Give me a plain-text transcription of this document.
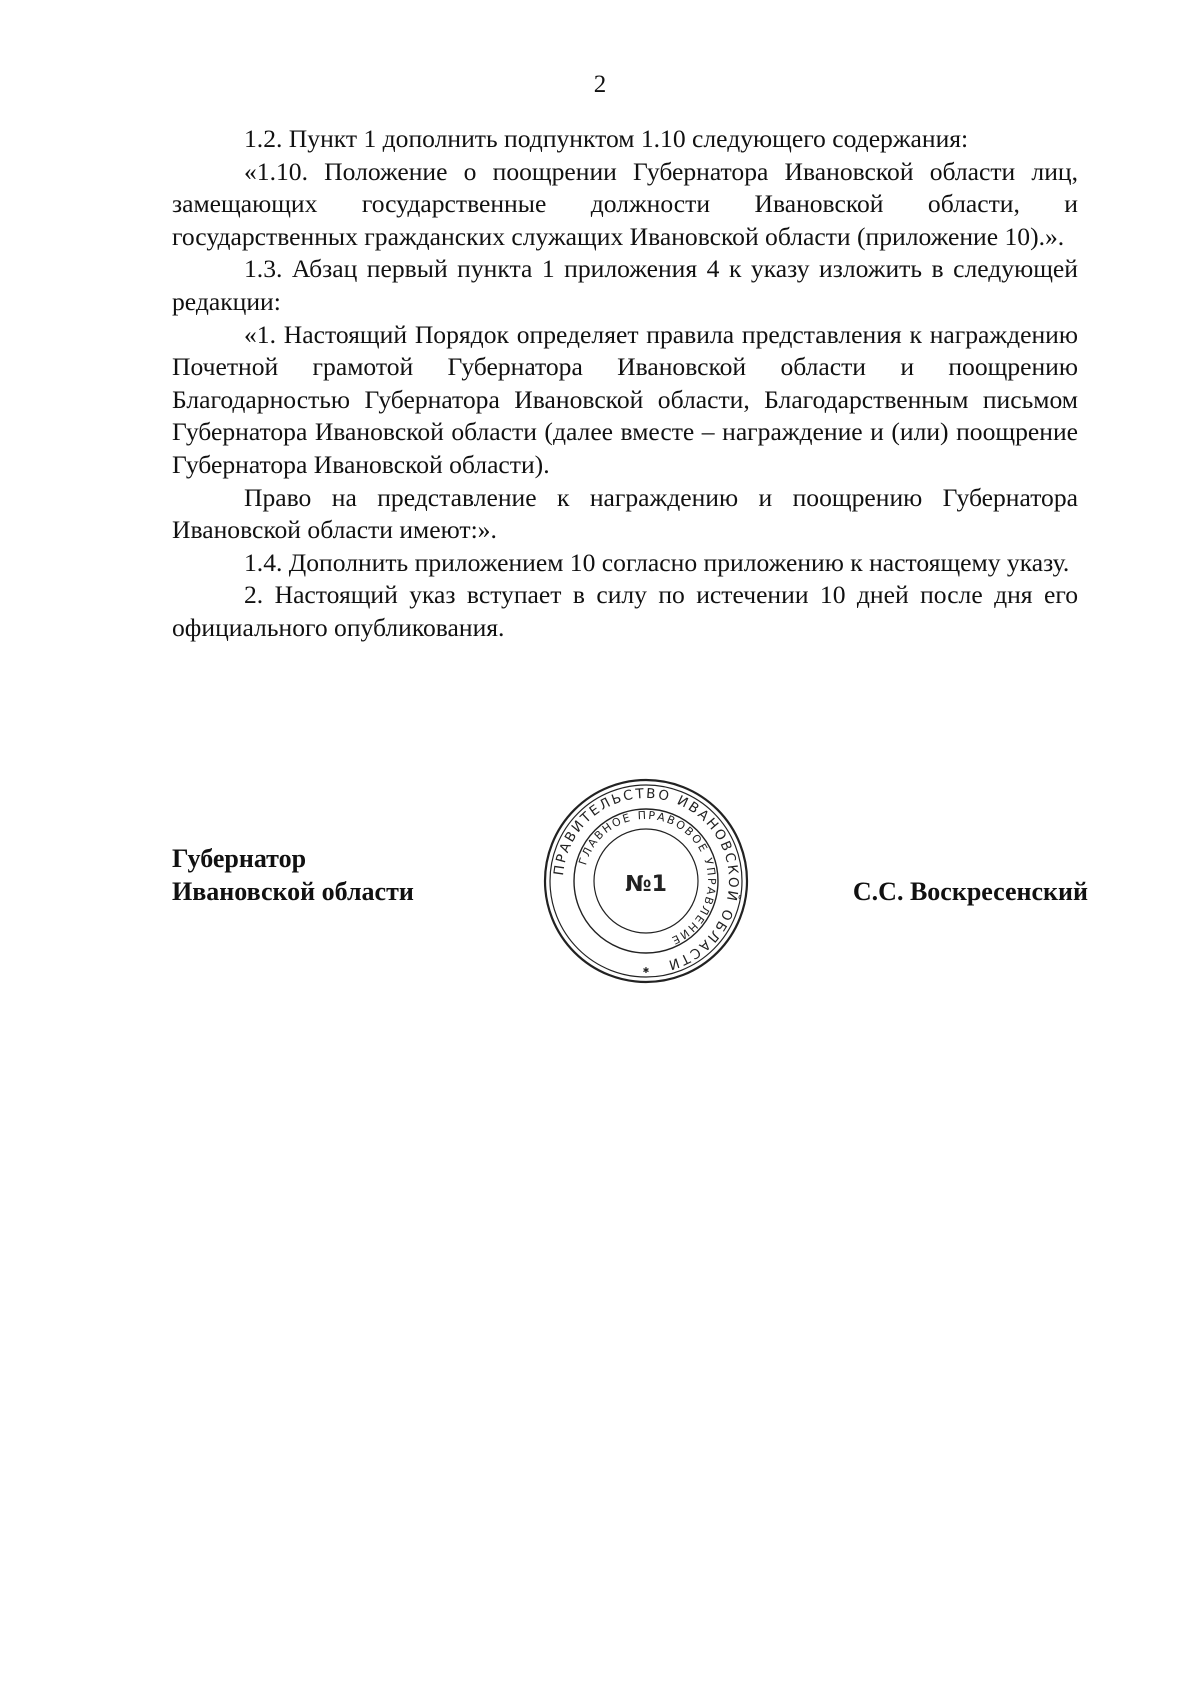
2

1.2. Пункт 1 дополнить подпунктом 1.10 следующего содержания:

«1.10. Положение о поощрении Губернатора Ивановской области лиц, замещающих государственные должности Ивановской области, и государственных гражданских служащих Ивановской области (приложение 10).».

1.3. Абзац первый пункта 1 приложения 4 к указу изложить в следующей редакции:

«1. Настоящий Порядок определяет правила представления к награждению Почетной грамотой Губернатора Ивановской области и поощрению Благодарностью Губернатора Ивановской области, Благодарственным письмом Губернатора Ивановской области (далее вместе – награждение и (или) поощрение Губернатора Ивановской области).

Право на представление к награждению и поощрению Губернатора Ивановской области имеют:».

1.4. Дополнить приложением 10 согласно приложению к настоящему указу.

2. Настоящий указ вступает в силу по истечении 10 дней после дня его официального опубликования.

Губернатор
Ивановской области	С.С. Воскресенский
ПРАВИТЕЛЬСТВО ИВАНОВСКОЙ ОБЛАСТИ
ГЛАВНОЕ ПРАВОВОЕ УПРАВЛЕНИЕ
№1
✱
